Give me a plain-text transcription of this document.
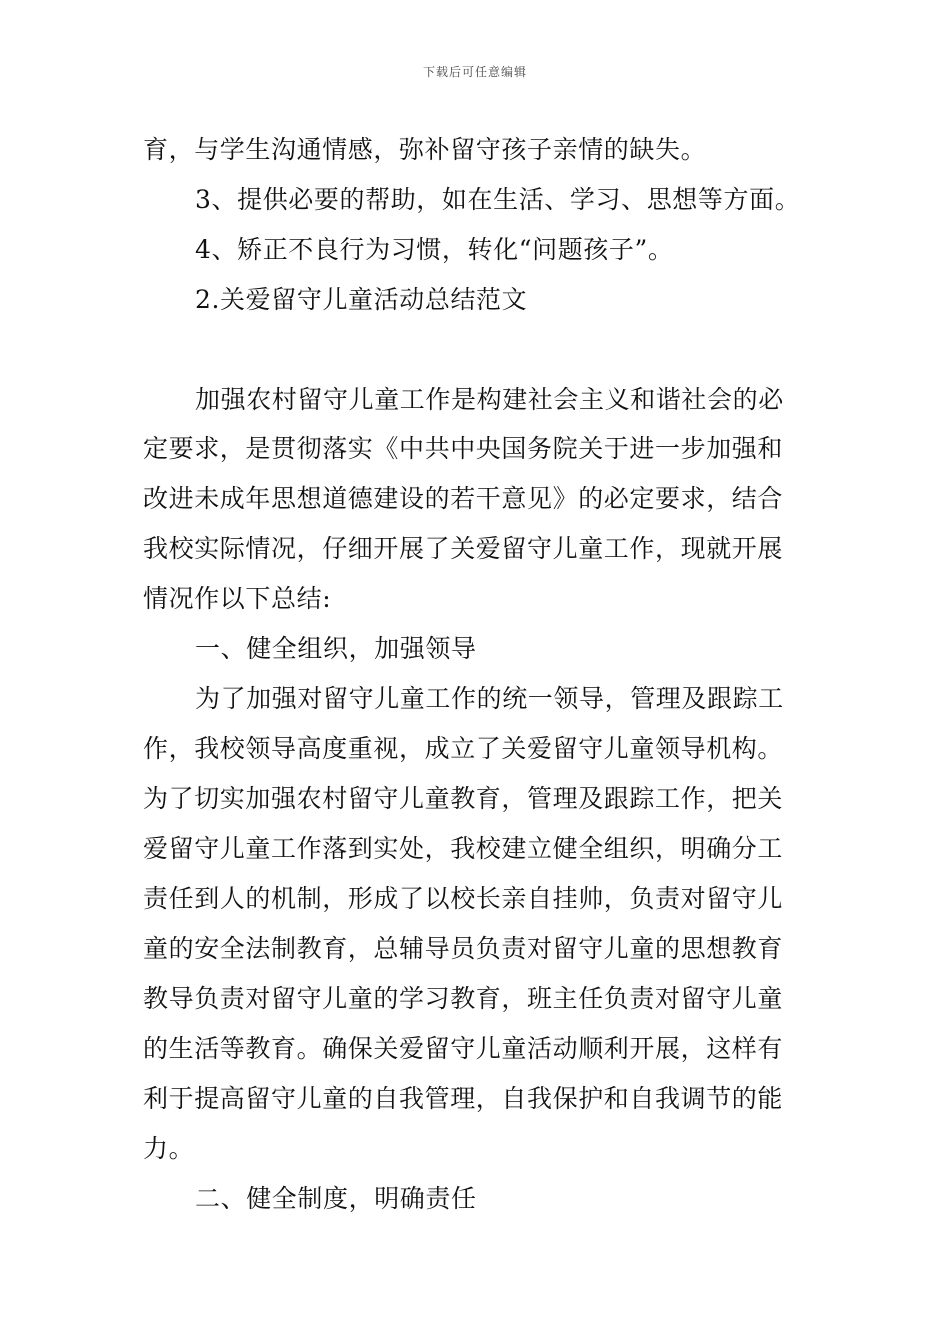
下载后可任意编辑
育，与学生沟通情感，弥补留守孩子亲情的缺失。
3、提供必要的帮助，如在生活、学习、思想等方面。
4、矫正不良行为习惯，转化“问题孩子”。
2.关爱留守儿童活动总结范文
加强农村留守儿童工作是构建社会主义和谐社会的必
定要求，是贯彻落实《中共中央国务院关于进一步加强和
改进未成年思想道德建设的若干意见》的必定要求，结合
我校实际情况，仔细开展了关爱留守儿童工作，现就开展
情况作以下总结:
一、健全组织，加强领导
为了加强对留守儿童工作的统一领导，管理及跟踪工
作，我校领导高度重视，成立了关爱留守儿童领导机构。
为了切实加强农村留守儿童教育，管理及跟踪工作，把关
爱留守儿童工作落到实处，我校建立健全组织，明确分工
责任到人的机制，形成了以校长亲自挂帅，负责对留守儿
童的安全法制教育，总辅导员负责对留守儿童的思想教育
教导负责对留守儿童的学习教育，班主任负责对留守儿童
的生活等教育。确保关爱留守儿童活动顺利开展，这样有
利于提高留守儿童的自我管理，自我保护和自我调节的能
力。
二、健全制度，明确责任
